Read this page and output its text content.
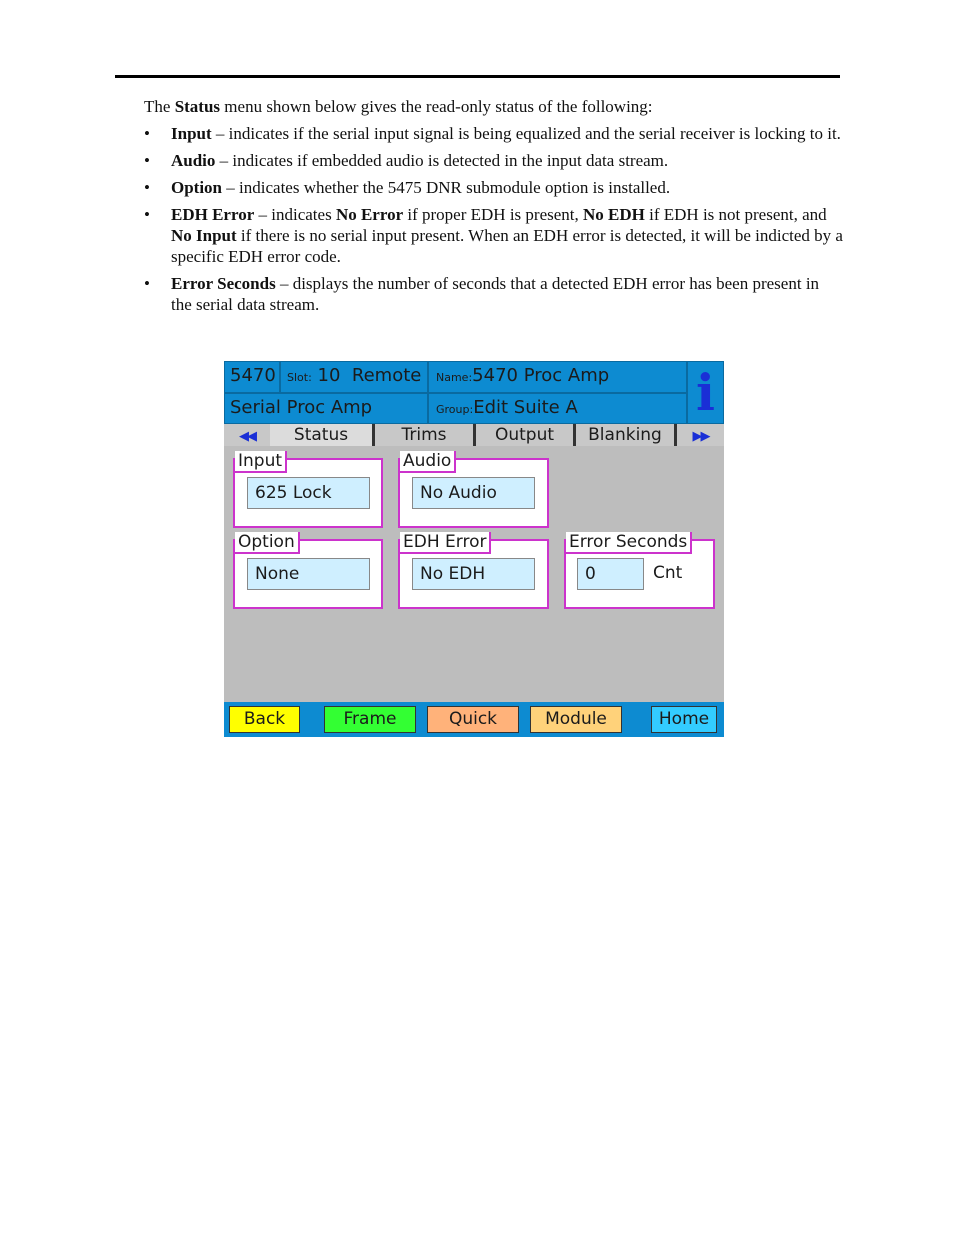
The Status menu shown below gives the read-only status of the following:

• Input – indicates if the serial input signal is being equalized and the serial receiver is locking to it.
• Audio – indicates if embedded audio is detected in the input data stream.
• Option – indicates whether the 5475 DNR submodule option is installed.
• EDH Error – indicates No Error if proper EDH is present, No EDH if EDH is not present, and No Input if there is no serial input present. When an EDH error is detected, it will be indicted by a specific EDH error code.
• Error Seconds – displays the number of seconds that a detected EDH error has been present in the serial data stream.
5470	Slot: 10 Remote	Name:5470 Proc Amp
Serial Proc Amp	Group:Edit Suite A	i
◀◀	Status	Trims	Output	Blanking	▶▶
Input
625 Lock
Audio
No Audio
Option
None
EDH Error
No EDH
Error Seconds
0	Cnt
Back	Frame	Quick	Module	Home
